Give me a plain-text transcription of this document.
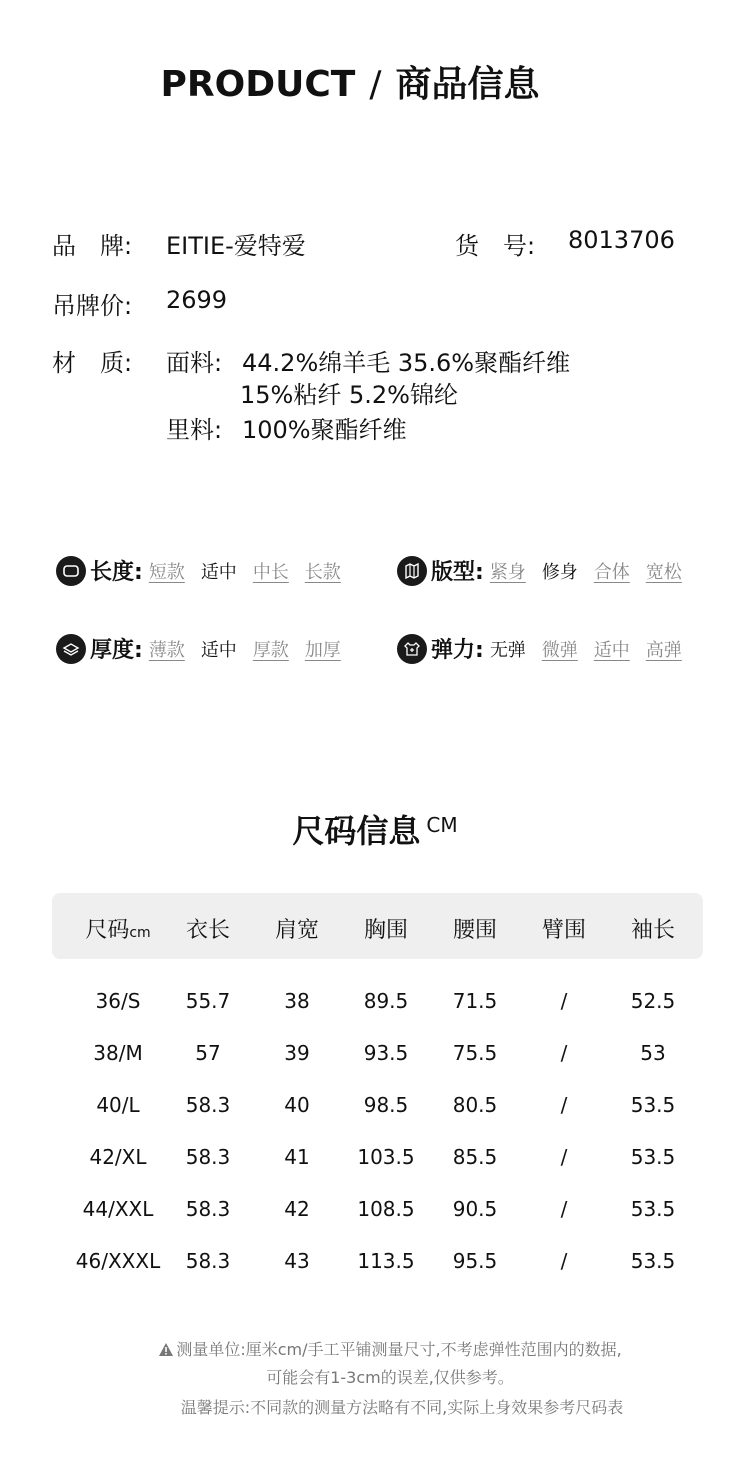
PRODUCT / 商品信息
品　牌: EITIE-爱特爱	货　号: 8013706
吊牌价: 2699
材　质: 面料: 44.2%绵羊毛 35.6%聚酯纤维
15%粘纤 5.2%锦纶
里料: 100%聚酯纤维
长度: 短款 适中 中长 长款	版型: 紧身 修身 合体 宽松
厚度: 薄款 适中 厚款 加厚	弹力: 无弹 微弹 适中 高弹
尺码信息 $^{CM}$
尺码cm	衣长	肩宽	胸围	腰围	臂围	袖长
36/S	55.7	38	89.5	71.5	/	52.5
38/M	57	39	93.5	75.5	/	53
40/L	58.3	40	98.5	80.5	/	53.5
42/XL	58.3	41	103.5	85.5	/	53.5
44/XXL	58.3	42	108.5	90.5	/	53.5
46/XXXL	58.3	43	113.5	95.5	/	53.5
测量单位:厘米cm/手工平铺测量尺寸,不考虑弹性范围内的数据,
可能会有1-3cm的误差,仅供参考。
温馨提示:不同款的测量方法略有不同,实际上身效果参考尺码表
